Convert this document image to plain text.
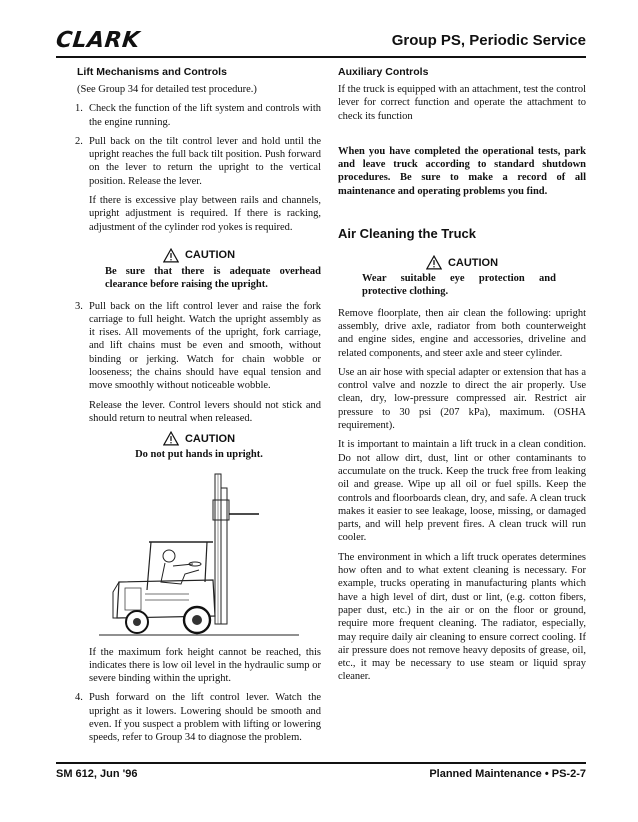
CLARK	Group PS, Periodic Service
Lift Mechanisms and Controls

(See Group 34 for detailed test procedure.)

1. Check the function of the lift system and controls with the engine running.
2. Pull back on the tilt control lever and hold until the upright reaches the full back tilt position. Push forward on the lever to return the upright to the vertical position. Release the lever.

If there is excessive play between rails and channels, upright adjustment is required. If there is racking, adjustment of the cylinder rod yokes is required.

CAUTION

Be sure that there is adequate overhead clearance before raising the upright.

3. Pull back on the lift control lever and raise the fork carriage to full height. Watch the upright assembly as it rises. All movements of the upright, fork carriage, and lift chains must be even and smooth, without binding or jerking. Watch for chain wobble or looseness; the chains should have equal tension and move smoothly without noticeable wobble.

Release the lever. Control levers should not stick and should return to neutral when released.

CAUTION

Do not put hands in upright.

If the maximum fork height cannot be reached, this indicates there is low oil level in the hydraulic sump or severe binding within the upright.

4. Push forward on the lift control lever. Watch the upright as it lowers. Lowering should be smooth and even. If you suspect a problem with lifting or lowering speeds, refer to Group 34 to diagnose the problem.
Auxiliary Controls

If the truck is equipped with an attachment, test the control lever for correct function and operate the attachment to check its function

When you have completed the operational tests, park and leave truck according to standard shutdown procedures. Be sure to make a record of all maintenance and operating problems you find.

Air Cleaning the Truck
CAUTION

Wear suitable eye protection and protective clothing.

Remove floorplate, then air clean the following: upright assembly, drive axle, radiator from both counterweight and engine sides, engine and accessories, driveline and related components, and steer axle and steer cylinder.

Use an air hose with special adapter or extension that has a control valve and nozzle to direct the air properly. Use clean, dry, low-pressure compressed air. Restrict air pressure to 30 psi (207 kPa), maximum. (OSHA requirement).

It is important to maintain a lift truck in a clean condition. Do not allow dirt, dust, lint or other contaminants to accumulate on the truck. Keep the truck free from leaking oil and grease. Wipe up all oil or fuel spills. Keep the controls and floorboards clean, dry, and safe. A clean truck makes it easier to see leakage, loose, missing, or damaged parts, and will help prevent fires. A clean truck will run cooler.

The environment in which a lift truck operates determines how often and to what extent cleaning is necessary. For example, trucks operating in manufacturing plants which have a high level of dirt, dust or lint, (e.g. cotton fibers, paper dust, etc.) in the air or on the floor or ground, require more frequent cleaning. The radiator, especially, may require daily air cleaning to ensure correct cooling. If air pressure does not remove heavy deposits of grease, oil, etc., it may be necessary to use steam or liquid spray cleaner.

SM 612, Jun '96	Planned Maintenance • PS-2-7
